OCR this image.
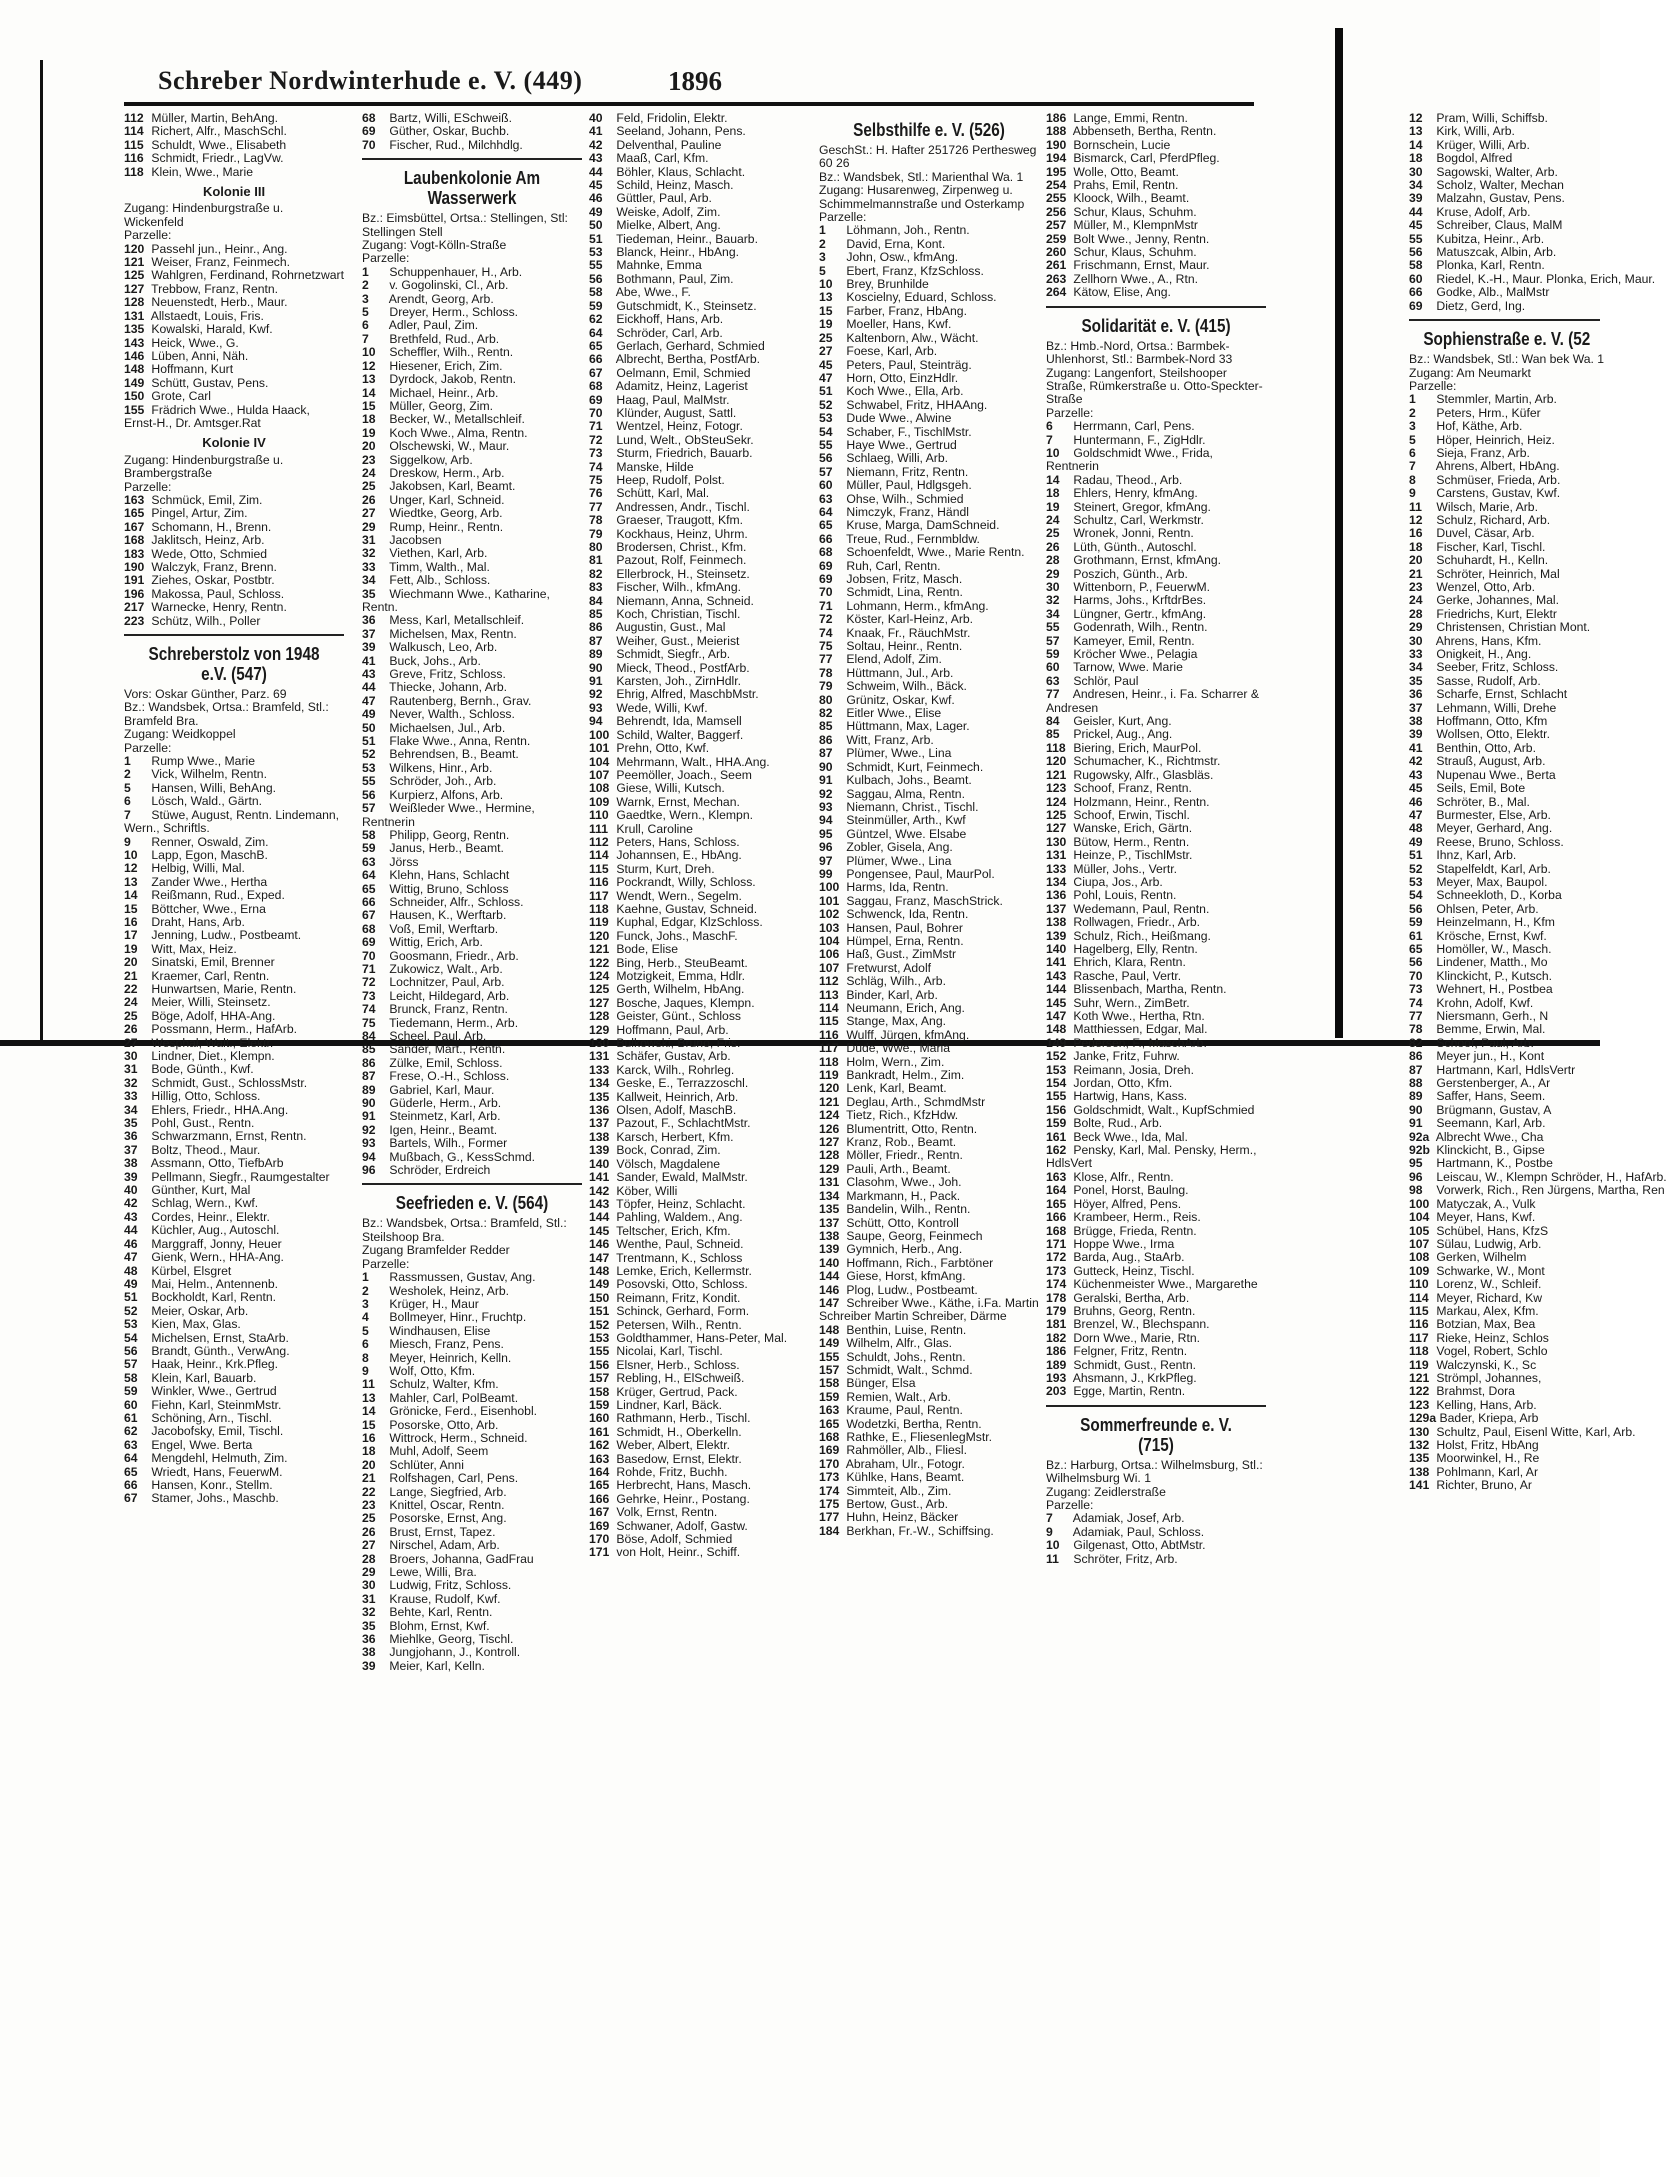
Schreber Nordwinterhude e. V. (449)	1896
112 Müller, Martin, BehAng.
114 Richert, Alfr., MaschSchl.
115 Schuldt, Wwe., Elisabeth
116 Schmidt, Friedr., LagVw.
118 Klein, Wwe., Marie
Kolonie III
Zugang: Hindenburgstraße u. Wickenfeld
Parzelle:
120 Passehl jun., Heinr., Ang.
121 Weiser, Franz, Feinmech.
125 Wahlgren, Ferdinand, Rohrnetzwart
127 Trebbow, Franz, Rentn.
128 Neuenstedt, Herb., Maur.
131 Allstaedt, Louis, Fris.
135 Kowalski, Harald, Kwf.
143 Heick, Wwe., G.
146 Lüben, Anni, Näh.
148 Hoffmann, Kurt
149 Schütt, Gustav, Pens.
150 Grote, Carl
155 Frädrich Wwe., Hulda Haack, Ernst-H., Dr. Amtsger.Rat
Kolonie IV
Zugang: Hindenburgstraße u. Brambergstraße
Parzelle:
163 Schmück, Emil, Zim.
165 Pingel, Artur, Zim.
167 Schomann, H., Brenn.
168 Jaklitsch, Heinz, Arb.
183 Wede, Otto, Schmied
190 Walczyk, Franz, Brenn.
191 Ziehes, Oskar, Postbtr.
196 Makossa, Paul, Schloss.
217 Warnecke, Henry, Rentn.
223 Schütz, Wilh., Poller
Schreberstolz von 1948 e.V. (547)
Vors: Oskar Günther, Parz. 69
Bz.: Wandsbek, Ortsa.: Bramfeld, Stl.: Bramfeld Bra.
Zugang: Weidkoppel
Parzelle:
1 Rump Wwe., Marie
2 Vick, Wilhelm, Rentn.
5 Hansen, Willi, BehAng.
6 Lösch, Wald., Gärtn.
7 Stüwe, August, Rentn. Lindemann, Wern., Schriftls.
9 Renner, Oswald, Zim.
10 Lapp, Egon, MaschB.
12 Helbig, Willi, Mal.
13 Zander Wwe., Hertha
14 Reißmann, Rud., Exped.
15 Böttcher, Wwe., Erna
16 Draht, Hans, Arb.
17 Jenning, Ludw., Postbeamt.
19 Witt, Max, Heiz.
20 Sinatski, Emil, Brenner
21 Kraemer, Carl, Rentn.
22 Hunwartsen, Marie, Rentn.
24 Meier, Willi, Steinsetz.
25 Böge, Adolf, HHA-Ang.
26 Possmann, Herm., HafArb.
27 Wesphal, Walt., Elektr.
30 Lindner, Diet., Klempn.
31 Bode, Günth., Kwf.
32 Schmidt, Gust., SchlossMstr.
33 Hillig, Otto, Schloss.
34 Ehlers, Friedr., HHA.Ang.
35 Pohl, Gust., Rentn.
36 Schwarzmann, Ernst, Rentn.
37 Boltz, Theod., Maur.
38 Assmann, Otto, TiefbArb
39 Pellmann, Siegfr., Raumgestalter
40 Günther, Kurt, Mal
42 Schlag, Wern., Kwf.
43 Cordes, Heinr., Elektr.
44 Küchler, Aug., Autoschl.
46 Marggraff, Jonny, Heuer
47 Gienk, Wern., HHA-Ang.
48 Kürbel, Elsgret
49 Mai, Helm., Antennenb.
51 Bockholdt, Karl, Rentn.
52 Meier, Oskar, Arb.
53 Kien, Max, Glas.
54 Michelsen, Ernst, StaArb.
56 Brandt, Günth., VerwAng.
57 Haak, Heinr., Krk.Pfleg.
58 Klein, Karl, Bauarb.
59 Winkler, Wwe., Gertrud
60 Fiehn, Karl, SteinmMstr.
61 Schöning, Arn., Tischl.
62 Jacobofsky, Emil, Tischl.
63 Engel, Wwe. Berta
64 Mengdehl, Helmuth, Zim.
65 Wriedt, Hans, FeuerwM.
66 Hansen, Konr., Stellm.
67 Stamer, Johs., Maschb.
68 Bartz, Willi, ESchweiß.
69 Güther, Oskar, Buchb.
70 Fischer, Rud., Milchhdlg.
Laubenkolonie Am Wasserwerk
Bz.: Eimsbüttel, Ortsa.: Stellingen, Stl: Stellingen Stell
Zugang: Vogt-Kölln-Straße
Parzelle:
1 Schuppenhauer, H., Arb.
2 v. Gogolinski, Cl., Arb.
3 Arendt, Georg, Arb.
5 Dreyer, Herm., Schloss.
6 Adler, Paul, Zim.
7 Brethfeld, Rud., Arb.
10 Scheffler, Wilh., Rentn.
12 Hiesener, Erich, Zim.
13 Dyrdock, Jakob, Rentn.
14 Michael, Heinr., Arb.
15 Müller, Georg, Zim.
18 Becker, W., Metallschleif.
19 Koch Wwe., Alma, Rentn.
20 Olschewski, W., Maur.
23 Siggelkow, Arb.
24 Dreskow, Herm., Arb.
25 Jakobsen, Karl, Beamt.
26 Unger, Karl, Schneid.
27 Wiedtke, Georg, Arb.
29 Rump, Heinr., Rentn.
31 Jacobsen
32 Viethen, Karl, Arb.
33 Timm, Walth., Mal.
34 Fett, Alb., Schloss.
35 Wiechmann Wwe., Katharine, Rentn.
36 Mess, Karl, Metallschleif.
37 Michelsen, Max, Rentn.
39 Walkusch, Leo, Arb.
41 Buck, Johs., Arb.
43 Greve, Fritz, Schloss.
44 Thiecke, Johann, Arb.
47 Rautenberg, Bernh., Grav.
49 Never, Walth., Schloss.
50 Michaelsen, Jul., Arb.
51 Flake Wwe., Anna, Rentn.
52 Behrendsen, B., Beamt.
53 Wilkens, Hinr., Arb.
55 Schröder, Joh., Arb.
56 Kurpierz, Alfons, Arb.
57 Weißleder Wwe., Hermine, Rentnerin
58 Philipp, Georg, Rentn.
59 Janus, Herb., Beamt.
63 Jörss
64 Klehn, Hans, Schlacht
65 Wittig, Bruno, Schloss
66 Schneider, Alfr., Schloss.
67 Hausen, K., Werftarb.
68 Voß, Emil, Werftarb.
69 Wittig, Erich, Arb.
70 Goosmann, Friedr., Arb.
71 Zukowicz, Walt., Arb.
72 Lochnitzer, Paul, Arb.
73 Leicht, Hildegard, Arb.
74 Brunck, Franz, Rentn.
75 Tiedemann, Herm., Arb.
84 Scheel, Paul, Arb.
85 Sander, Mart., Rentn.
86 Zülke, Emil, Schloss.
87 Frese, O.-H., Schloss.
89 Gabriel, Karl, Maur.
90 Güderle, Herm., Arb.
91 Steinmetz, Karl, Arb.
92 Igen, Heinr., Beamt.
93 Bartels, Wilh., Former
94 Mußbach, G., KessSchmd.
96 Schröder, Erdreich
Seefrieden e. V. (564)
Bz.: Wandsbek, Ortsa.: Bramfeld, Stl.: Steilshoop Bra.
Zugang Bramfelder Redder
Parzelle:
1 Rassmussen, Gustav, Ang.
2 Wesholek, Heinz, Arb.
3 Krüger, H., Maur
4 Bollmeyer, Hinr., Fruchtp.
5 Windhausen, Elise
6 Miesch, Franz, Pens.
8 Meyer, Heinrich, Kelln.
9 Wolf, Otto, Kfm.
11 Schulz, Walter, Kfm.
13 Mahler, Carl, PolBeamt.
14 Grönicke, Ferd., Eisenhobl.
15 Posorske, Otto, Arb.
16 Wittrock, Herm., Schneid.
18 Muhl, Adolf, Seem
20 Schlüter, Anni
21 Rolfshagen, Carl, Pens.
22 Lange, Siegfried, Arb.
23 Knittel, Oscar, Rentn.
25 Posorske, Ernst, Ang.
26 Brust, Ernst, Tapez.
27 Nirschel, Adam, Arb.
28 Broers, Johanna, GadFrau
29 Lewe, Willi, Bra.
30 Ludwig, Fritz, Schloss.
31 Krause, Rudolf, Kwf.
32 Behte, Karl, Rentn.
35 Blohm, Ernst, Kwf.
36 Miehlke, Georg, Tischl.
38 Jungjohann, J., Kontroll.
39 Meier, Karl, Kelln.
40 Feld, Fridolin, Elektr.
41 Seeland, Johann, Pens.
42 Delventhal, Pauline
43 Maaß, Carl, Kfm.
44 Böhler, Klaus, Schlacht.
45 Schild, Heinz, Masch.
46 Güttler, Paul, Arb.
49 Weiske, Adolf, Zim.
50 Mielke, Albert, Ang.
51 Tiedeman, Heinr., Bauarb.
53 Blanck, Heinr., HbAng.
55 Mahnke, Emma
56 Bothmann, Paul, Zim.
58 Abe, Wwe., F.
59 Gutschmidt, K., Steinsetz.
62 Eickhoff, Hans, Arb.
64 Schröder, Carl, Arb.
65 Gerlach, Gerhard, Schmied
66 Albrecht, Bertha, PostfArb.
67 Oelmann, Emil, Schmied
68 Adamitz, Heinz, Lagerist
69 Haag, Paul, MalMstr.
70 Klünder, August, Sattl.
71 Wentzel, Heinz, Fotogr.
72 Lund, Welt., ObSteuSekr.
73 Sturm, Friedrich, Bauarb.
74 Manske, Hilde
75 Heep, Rudolf, Polst.
76 Schütt, Karl, Mal.
77 Andressen, Andr., Tischl.
78 Graeser, Traugott, Kfm.
79 Kockhaus, Heinz, Uhrm.
80 Brodersen, Christ., Kfm.
81 Pazout, Rolf, Feinmech.
82 Ellerbrock, H., Steinsetz.
83 Fischer, Wilh., kfmAng.
84 Niemann, Anna, Schneid.
85 Koch, Christian, Tischl.
86 Augustin, Gust., Mal
87 Weiher, Gust., Meierist
89 Schmidt, Siegfr., Arb.
90 Mieck, Theod., PostfArb.
91 Karsten, Joh., ZirnHdlr.
92 Ehrig, Alfred, MaschbMstr.
93 Wede, Willi, Kwf.
94 Behrendt, Ida, Mamsell
100 Schild, Walter, Baggerf.
101 Prehn, Otto, Kwf.
104 Mehrmann, Walt., HHA.Ang.
107 Peemöller, Joach., Seem
108 Giese, Willi, Kutsch.
109 Warnk, Ernst, Mechan.
110 Gaedtke, Wern., Klempn.
111 Krull, Caroline
112 Peters, Hans, Schloss.
114 Johannsen, E., HbAng.
115 Sturm, Kurt, Dreh.
116 Pockrandt, Willy, Schloss.
117 Wendt, Wern., Segelm.
118 Kaehne, Gustav, Schneid.
119 Kuphal, Edgar, KlzSchloss.
120 Funck, Johs., MaschF.
121 Bode, Elise
122 Bing, Herb., SteuBeamt.
124 Motzigkeit, Emma, Hdlr.
125 Gerth, Wilhelm, HbAng.
127 Bosche, Jaques, Klempn.
128 Geister, Günt., Schloss
129 Hoffmann, Paul, Arb.
130 Bulkowski, Bruno, Fris.
131 Schäfer, Gustav, Arb.
133 Karck, Wilh., Rohrleg.
134 Geske, E., Terrazzoschl.
135 Kallweit, Heinrich, Arb.
136 Olsen, Adolf, MaschB.
137 Pazout, F., SchlachtMstr.
138 Karsch, Herbert, Kfm.
139 Bock, Conrad, Zim.
140 Völsch, Magdalene
141 Sander, Ewald, MalMstr.
142 Köber, Willi
143 Töpfer, Heinz, Schlacht.
144 Pahling, Waldem., Ang.
145 Teltscher, Erich, Kfm.
146 Wenthe, Paul, Schneid.
147 Trentmann, K., Schloss
148 Lemke, Erich, Kellermstr.
149 Posovski, Otto, Schloss.
150 Reimann, Fritz, Kondit.
151 Schinck, Gerhard, Form.
152 Petersen, Wilh., Rentn.
153 Goldthammer, Hans-Peter, Mal.
155 Nicolai, Karl, Tischl.
156 Elsner, Herb., Schloss.
157 Rebling, H., ElSchweiß.
158 Krüger, Gertrud, Pack.
159 Lindner, Karl, Bäck.
160 Rathmann, Herb., Tischl.
161 Schmidt, H., Oberkelln.
162 Weber, Albert, Elektr.
163 Basedow, Ernst, Elektr.
164 Rohde, Fritz, Buchh.
165 Herbrecht, Hans, Masch.
166 Gehrke, Heinr., Postang.
167 Volk, Ernst, Rentn.
169 Schwaner, Adolf, Gastw.
170 Böse, Adolf, Schmied
171 von Holt, Heinr., Schiff.
Selbsthilfe e. V. (526)
GeschSt.: H. Hafter 251726 Perthesweg 60 26
Bz.: Wandsbek, Stl.: Marienthal Wa. 1
Zugang: Husarenweg, Zirpenweg u. Schimmelmannstraße und Osterkamp
Parzelle:
1 Löhmann, Joh., Rentn.
2 David, Erna, Kont.
3 John, Osw., kfmAng.
5 Ebert, Franz, KfzSchloss.
10 Brey, Brunhilde
13 Koscielny, Eduard, Schloss.
15 Farber, Franz, HbAng.
19 Moeller, Hans, Kwf.
25 Kaltenborn, Alw., Wächt.
27 Foese, Karl, Arb.
45 Peters, Paul, Steinträg.
47 Horn, Otto, EinzHdlr.
51 Koch Wwe., Ella, Arb.
52 Schwabel, Fritz, HHAAng.
53 Dude Wwe., Alwine
54 Schaber, F., TischlMstr.
55 Haye Wwe., Gertrud
56 Schlaeg, Willi, Arb.
57 Niemann, Fritz, Rentn.
60 Müller, Paul, Hdlgsgeh.
63 Ohse, Wilh., Schmied
64 Nimczyk, Franz, Händl
65 Kruse, Marga, DamSchneid.
66 Treue, Rud., Fernmbldw.
68 Schoenfeldt, Wwe., Marie Rentn.
69 Ruh, Carl, Rentn.
69 Jobsen, Fritz, Masch.
70 Schmidt, Lina, Rentn.
71 Lohmann, Herm., kfmAng.
72 Köster, Karl-Heinz, Arb.
74 Knaak, Fr., RäuchMstr.
75 Soltau, Heinr., Rentn.
77 Elend, Adolf, Zim.
78 Hüttmann, Jul., Arb.
79 Schweim, Wilh., Bäck.
80 Grünitz, Oskar, Kwf.
82 Eitler Wwe., Elise
85 Hüttmann, Max, Lager.
86 Witt, Franz, Arb.
87 Plümer, Wwe., Lina
90 Schmidt, Kurt, Feinmech.
91 Kulbach, Johs., Beamt.
92 Saggau, Alma, Rentn.
93 Niemann, Christ., Tischl.
94 Steinmüller, Arth., Kwf
95 Güntzel, Wwe. Elsabe
96 Zobler, Gisela, Ang.
97 Plümer, Wwe., Lina
99 Pongensee, Paul, MaurPol.
100 Harms, Ida, Rentn.
101 Saggau, Franz, MaschStrick.
102 Schwenck, Ida, Rentn.
103 Hansen, Paul, Bohrer
104 Hümpel, Erna, Rentn.
106 Haß, Gust., ZimMstr
107 Fretwurst, Adolf
112 Schläg, Wilh., Arb.
113 Binder, Karl, Arb.
114 Neumann, Erich, Ang.
115 Stange, Max, Ang.
116 Wulff, Jürgen, kfmAng.
117 Düde, Wwe., Maria
118 Holm, Wern., Zim.
119 Bankradt, Helm., Zim.
120 Lenk, Karl, Beamt.
121 Deglau, Arth., SchmdMstr
124 Tietz, Rich., KfzHdw.
126 Blumentritt, Otto, Rentn.
127 Kranz, Rob., Beamt.
128 Möller, Friedr., Rentn.
129 Pauli, Arth., Beamt.
131 Clasohm, Wwe., Joh.
134 Markmann, H., Pack.
135 Bandelin, Wilh., Rentn.
137 Schütt, Otto, Kontroll
138 Saupe, Georg, Feinmech
139 Gymnich, Herb., Ang.
140 Hoffmann, Rich., Farbtöner
144 Giese, Horst, kfmAng.
146 Plog, Ludw., Postbeamt.
147 Schreiber Wwe., Käthe, i.Fa. Martin Schreiber Martin Schreiber, Därme
148 Benthin, Luise, Rentn.
149 Wilhelm, Alfr., Glas.
155 Schuldt, Johs., Rentn.
157 Schmidt, Walt., Schmd.
158 Bünger, Elsa
159 Remien, Walt., Arb.
163 Kraume, Paul, Rentn.
165 Wodetzki, Bertha, Rentn.
168 Rathke, E., FliesenlegMstr.
169 Rahmöller, Alb., Fliesl.
170 Abraham, Ulr., Fotogr.
173 Kühlke, Hans, Beamt.
174 Simmteit, Alb., Zim.
175 Bertow, Gust., Arb.
177 Huhn, Heinz, Bäcker
184 Berkhan, Fr.-W., Schiffsing.
186 Lange, Emmi, Rentn.
188 Abbenseth, Bertha, Rentn.
190 Bornschein, Lucie
194 Bismarck, Carl, PferdPfleg.
195 Wolle, Otto, Beamt.
254 Prahs, Emil, Rentn.
255 Kloock, Wilh., Beamt.
256 Schur, Klaus, Schuhm.
257 Müller, M., KlempnMstr
259 Bolt Wwe., Jenny, Rentn.
260 Schur, Klaus, Schuhm.
261 Frischmann, Ernst, Maur.
263 Zellhorn Wwe., A., Rtn.
264 Kätow, Elise, Ang.
Solidarität e. V. (415)
Bz.: Hmb.-Nord, Ortsa.: Barmbek-Uhlenhorst, Stl.: Barmbek-Nord 33
Zugang: Langenfort, Steilshooper Straße, Rümkerstraße u. Otto-Speckter-Straße
Parzelle:
6 Herrmann, Carl, Pens.
7 Huntermann, F., ZigHdlr.
10 Goldschmidt Wwe., Frida, Rentnerin
14 Radau, Theod., Arb.
18 Ehlers, Henry, kfmAng.
19 Steinert, Gregor, kfmAng.
24 Schultz, Carl, Werkmstr.
25 Wronek, Jonni, Rentn.
26 Lüth, Günth., Autoschl.
28 Grothmann, Ernst, kfmAng.
29 Poszich, Günth., Arb.
30 Wittenborn, P., FeuerwM.
32 Harms, Johs., KrftdrBes.
34 Lüngner, Gertr., kfmAng.
55 Godenrath, Wilh., Rentn.
57 Kameyer, Emil, Rentn.
59 Kröcher Wwe., Pelagia
60 Tarnow, Wwe. Marie
63 Schlör, Paul
77 Andresen, Heinr., i. Fa. Scharrer & Andresen
84 Geisler, Kurt, Ang.
85 Prickel, Aug., Ang.
118 Biering, Erich, MaurPol.
120 Schumacher, K., Richtmstr.
121 Rugowsky, Alfr., Glasbläs.
123 Schoof, Franz, Rentn.
124 Holzmann, Heinr., Rentn.
125 Schoof, Erwin, Tischl.
127 Wanske, Erich, Gärtn.
130 Bütow, Herm., Rentn.
131 Heinze, P., TischlMstr.
133 Müller, Johs., Vertr.
134 Ciupa, Jos., Arb.
136 Pohl, Louis, Rentn.
137 Wedemann, Paul, Rentn.
138 Rollwagen, Friedr., Arb.
139 Schulz, Rich., Heißmang.
140 Hagelberg, Elly, Rentn.
141 Ehrich, Klara, Rentn.
143 Rasche, Paul, Vertr.
144 Blissenbach, Martha, Rentn.
145 Suhr, Wern., ZimBetr.
147 Koth Wwe., Hertha, Rtn.
148 Matthiessen, Edgar, Mal.
149 Pedersen, F., MaschArb.
152 Janke, Fritz, Fuhrw.
153 Reimann, Josia, Dreh.
154 Jordan, Otto, Kfm.
155 Hartwig, Hans, Kass.
156 Goldschmidt, Walt., KupfSchmied
159 Bolte, Rud., Arb.
161 Beck Wwe., Ida, Mal.
162 Pensky, Karl, Mal. Pensky, Herm., HdlsVert
163 Klose, Alfr., Rentn.
164 Ponel, Horst, Baulng.
165 Höyer, Alfred, Pens.
166 Krambeer, Herm., Reis.
168 Brügge, Frieda, Rentn.
171 Hoppe Wwe., Irma
172 Barda, Aug., StaArb.
173 Gutteck, Heinz, Tischl.
174 Küchenmeister Wwe., Margarethe
178 Geralski, Bertha, Arb.
179 Bruhns, Georg, Rentn.
181 Brenzel, W., Blechspann.
182 Dorn Wwe., Marie, Rtn.
186 Felgner, Fritz, Rentn.
189 Schmidt, Gust., Rentn.
193 Ahsmann, J., KrkPfleg.
203 Egge, Martin, Rentn.
Sommerfreunde e. V. (715)
Bz.: Harburg, Ortsa.: Wilhelmsburg, Stl.: Wilhelmsburg Wi. 1
Zugang: Zeidlerstraße
Parzelle:
7 Adamiak, Josef, Arb.
9 Adamiak, Paul, Schloss.
10 Gilgenast, Otto, AbtMstr.
11 Schröter, Fritz, Arb.
12 Pram, Willi, Schiffsb.
13 Kirk, Willi, Arb.
14 Krüger, Willi, Arb.
18 Bogdol, Alfred
30 Sagowski, Walter, Arb.
34 Scholz, Walter, Mechan
39 Malzahn, Gustav, Pens.
44 Kruse, Adolf, Arb.
45 Schreiber, Claus, MalM
55 Kubitza, Heinr., Arb.
56 Matuszcak, Albin, Arb.
58 Plonka, Karl, Rentn.
60 Riedel, K.-H., Maur. Plonka, Erich, Maur.
66 Godke, Alb., MalMstr
69 Dietz, Gerd, Ing.
Sophienstraße e. V. (52
Bz.: Wandsbek, Stl.: Wan bek Wa. 1
Zugang: Am Neumarkt
Parzelle:
1 Stemmler, Martin, Arb.
2 Peters, Hrm., Küfer
3 Hof, Käthe, Arb.
5 Höper, Heinrich, Heiz.
6 Sieja, Franz, Arb.
7 Ahrens, Albert, HbAng.
8 Schmüser, Frieda, Arb.
9 Carstens, Gustav, Kwf.
11 Wilsch, Marie, Arb.
12 Schulz, Richard, Arb.
16 Duvel, Cäsar, Arb.
18 Fischer, Karl, Tischl.
20 Schuhardt, H., Kelln.
21 Schröter, Heinrich, Mal
23 Wenzel, Otto, Arb.
24 Gerke, Johannes, Mal.
28 Friedrichs, Kurt, Elektr
29 Christensen, Christian Mont.
30 Ahrens, Hans, Kfm.
33 Onigkeit, H., Ang.
34 Seeber, Fritz, Schloss.
35 Sasse, Rudolf, Arb.
36 Scharfe, Ernst, Schlacht
37 Lehmann, Willi, Drehe
38 Hoffmann, Otto, Kfm
39 Wollsen, Otto, Elektr.
41 Benthin, Otto, Arb.
42 Strauß, August, Arb.
43 Nupenau Wwe., Berta
45 Seils, Emil, Bote
46 Schröter, B., Mal.
47 Burmester, Else, Arb.
48 Meyer, Gerhard, Ang.
49 Reese, Bruno, Schloss.
51 Ihnz, Karl, Arb.
52 Stapelfeldt, Karl, Arb.
53 Meyer, Max, Baupol.
54 Schneekloth, D., Korba
56 Ohlsen, Peter, Arb.
59 Heinzelmann, H., Kfm
61 Krösche, Ernst, Kwf.
65 Homöller, W., Masch.
56 Lindener, Matth., Mo
70 Klinckicht, P., Kutsch.
73 Wehnert, H., Postbea
74 Krohn, Adolf, Kwf.
77 Niersmann, Gerh., N
78 Bemme, Erwin, Mal.
82 Schoof, Paul, Arb.
86 Meyer jun., H., Kont
87 Hartmann, Karl, HdlsVertr
88 Gerstenberger, A., Ar
89 Saffer, Hans, Seem.
90 Brügmann, Gustav, A
91 Seemann, Karl, Arb.
92a Albrecht Wwe., Cha
92b Klinckicht, B., Gipse
95 Hartmann, K., Postbe
96 Leiscau, W., Klempn Schröder, H., HafArb.
98 Vorwerk, Rich., Ren Jürgens, Martha, Ren
100 Matyczak, A., Vulk
104 Meyer, Hans, Kwf.
105 Schübel, Hans, KfzS
107 Sülau, Ludwig, Arb.
108 Gerken, Wilhelm
109 Schwarke, W., Mont
110 Lorenz, W., Schleif.
114 Meyer, Richard, Kw
115 Markau, Alex, Kfm.
116 Botzian, Max, Bea
117 Rieke, Heinz, Schlos
118 Vogel, Robert, Schlo
119 Walczynski, K., Sc
121 Strömpl, Johannes,
122 Brahmst, Dora
123 Kelling, Hans, Arb.
129a Bader, Kriepa, Arb
130 Schultz, Paul, Eisenl Witte, Karl, Arb.
132 Holst, Fritz, HbAng
135 Moorwinkel, H., Re
138 Pohlmann, Karl, Ar
141 Richter, Bruno, Ar
